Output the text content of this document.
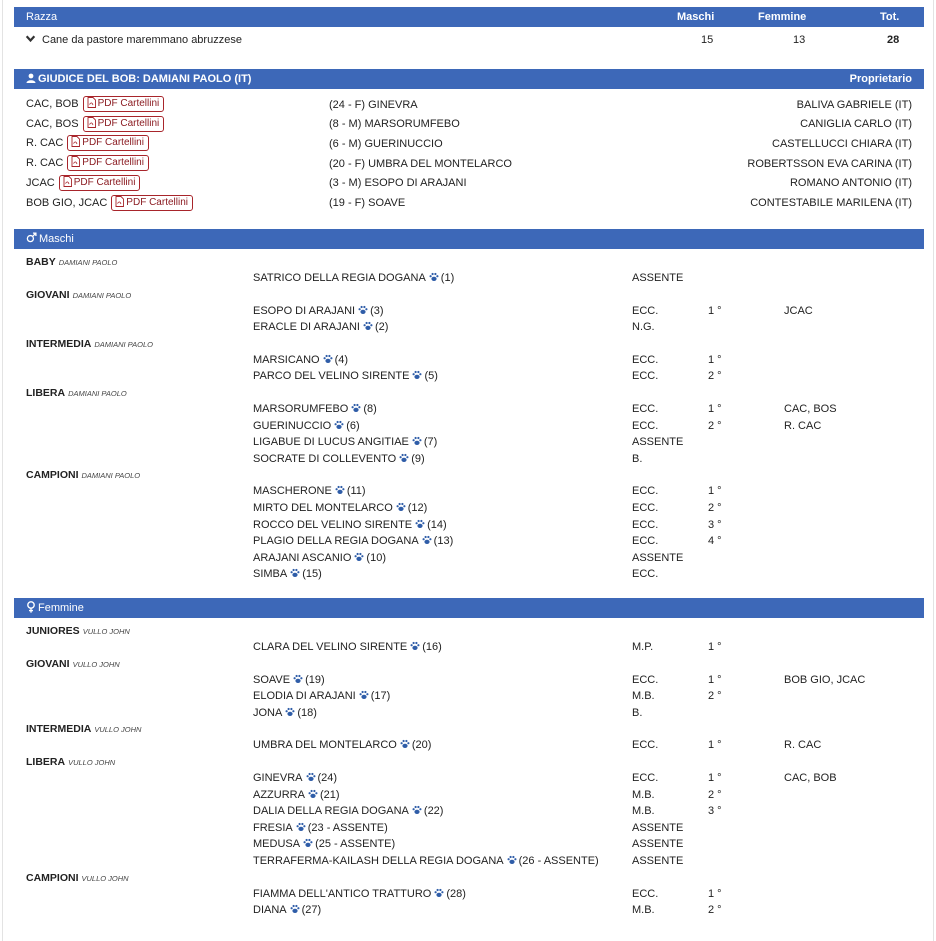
Razza	Maschi	Femmine	Tot.
Cane da pastore maremmano abruzzese	15	13	28
GIUDICE DEL BOB: DAMIANI PAOLO (IT)	Proprietario
CAC, BOB PDF Cartellini	(24 - F) GINEVRA	BALIVA GABRIELE (IT)
CAC, BOS PDF Cartellini	(8 - M) MARSORUMFEBO	CANIGLIA CARLO (IT)
R. CAC PDF Cartellini	(6 - M) GUERINUCCIO	CASTELLUCCI CHIARA (IT)
R. CAC PDF Cartellini	(20 - F) UMBRA DEL MONTELARCO	ROBERTSSON EVA CARINA (IT)
JCAC PDF Cartellini	(3 - M) ESOPO DI ARAJANI	ROMANO ANTONIO (IT)
BOB GIO, JCAC PDF Cartellini	(19 - F) SOAVE	CONTESTABILE MARILENA (IT)
Maschi
BABY DAMIANI PAOLO
SATRICO DELLA REGIA DOGANA (1)	ASSENTE
GIOVANI DAMIANI PAOLO
ESOPO DI ARAJANI (3)	ECC.	1 °	JCAC
ERACLE DI ARAJANI (2)	N.G.
INTERMEDIA DAMIANI PAOLO
MARSICANO (4)	ECC.	1 °
PARCO DEL VELINO SIRENTE (5)	ECC.	2 °
LIBERA DAMIANI PAOLO
MARSORUMFEBO (8)	ECC.	1 °	CAC, BOS
GUERINUCCIO (6)	ECC.	2 °	R. CAC
LIGABUE DI LUCUS ANGITIAE (7)	ASSENTE
SOCRATE DI COLLEVENTO (9)	B.
CAMPIONI DAMIANI PAOLO
MASCHERONE (11)	ECC.	1 °
MIRTO DEL MONTELARCO (12)	ECC.	2 °
ROCCO DEL VELINO SIRENTE (14)	ECC.	3 °
PLAGIO DELLA REGIA DOGANA (13)	ECC.	4 °
ARAJANI ASCANIO (10)	ASSENTE
SIMBA (15)	ECC.
Femmine
JUNIORES VULLO JOHN
CLARA DEL VELINO SIRENTE (16)	M.P.	1 °
GIOVANI VULLO JOHN
SOAVE (19)	ECC.	1 °	BOB GIO, JCAC
ELODIA DI ARAJANI (17)	M.B.	2 °
JONA (18)	B.
INTERMEDIA VULLO JOHN
UMBRA DEL MONTELARCO (20)	ECC.	1 °	R. CAC
LIBERA VULLO JOHN
GINEVRA (24)	ECC.	1 °	CAC, BOB
AZZURRA (21)	M.B.	2 °
DALIA DELLA REGIA DOGANA (22)	M.B.	3 °
FRESIA (23 - ASSENTE)	ASSENTE
MEDUSA (25 - ASSENTE)	ASSENTE
TERRAFERMA-KAILASH DELLA REGIA DOGANA (26 - ASSENTE)	ASSENTE
CAMPIONI VULLO JOHN
FIAMMA DELL'ANTICO TRATTURO (28)	ECC.	1 °
DIANA (27)	M.B.	2 °
